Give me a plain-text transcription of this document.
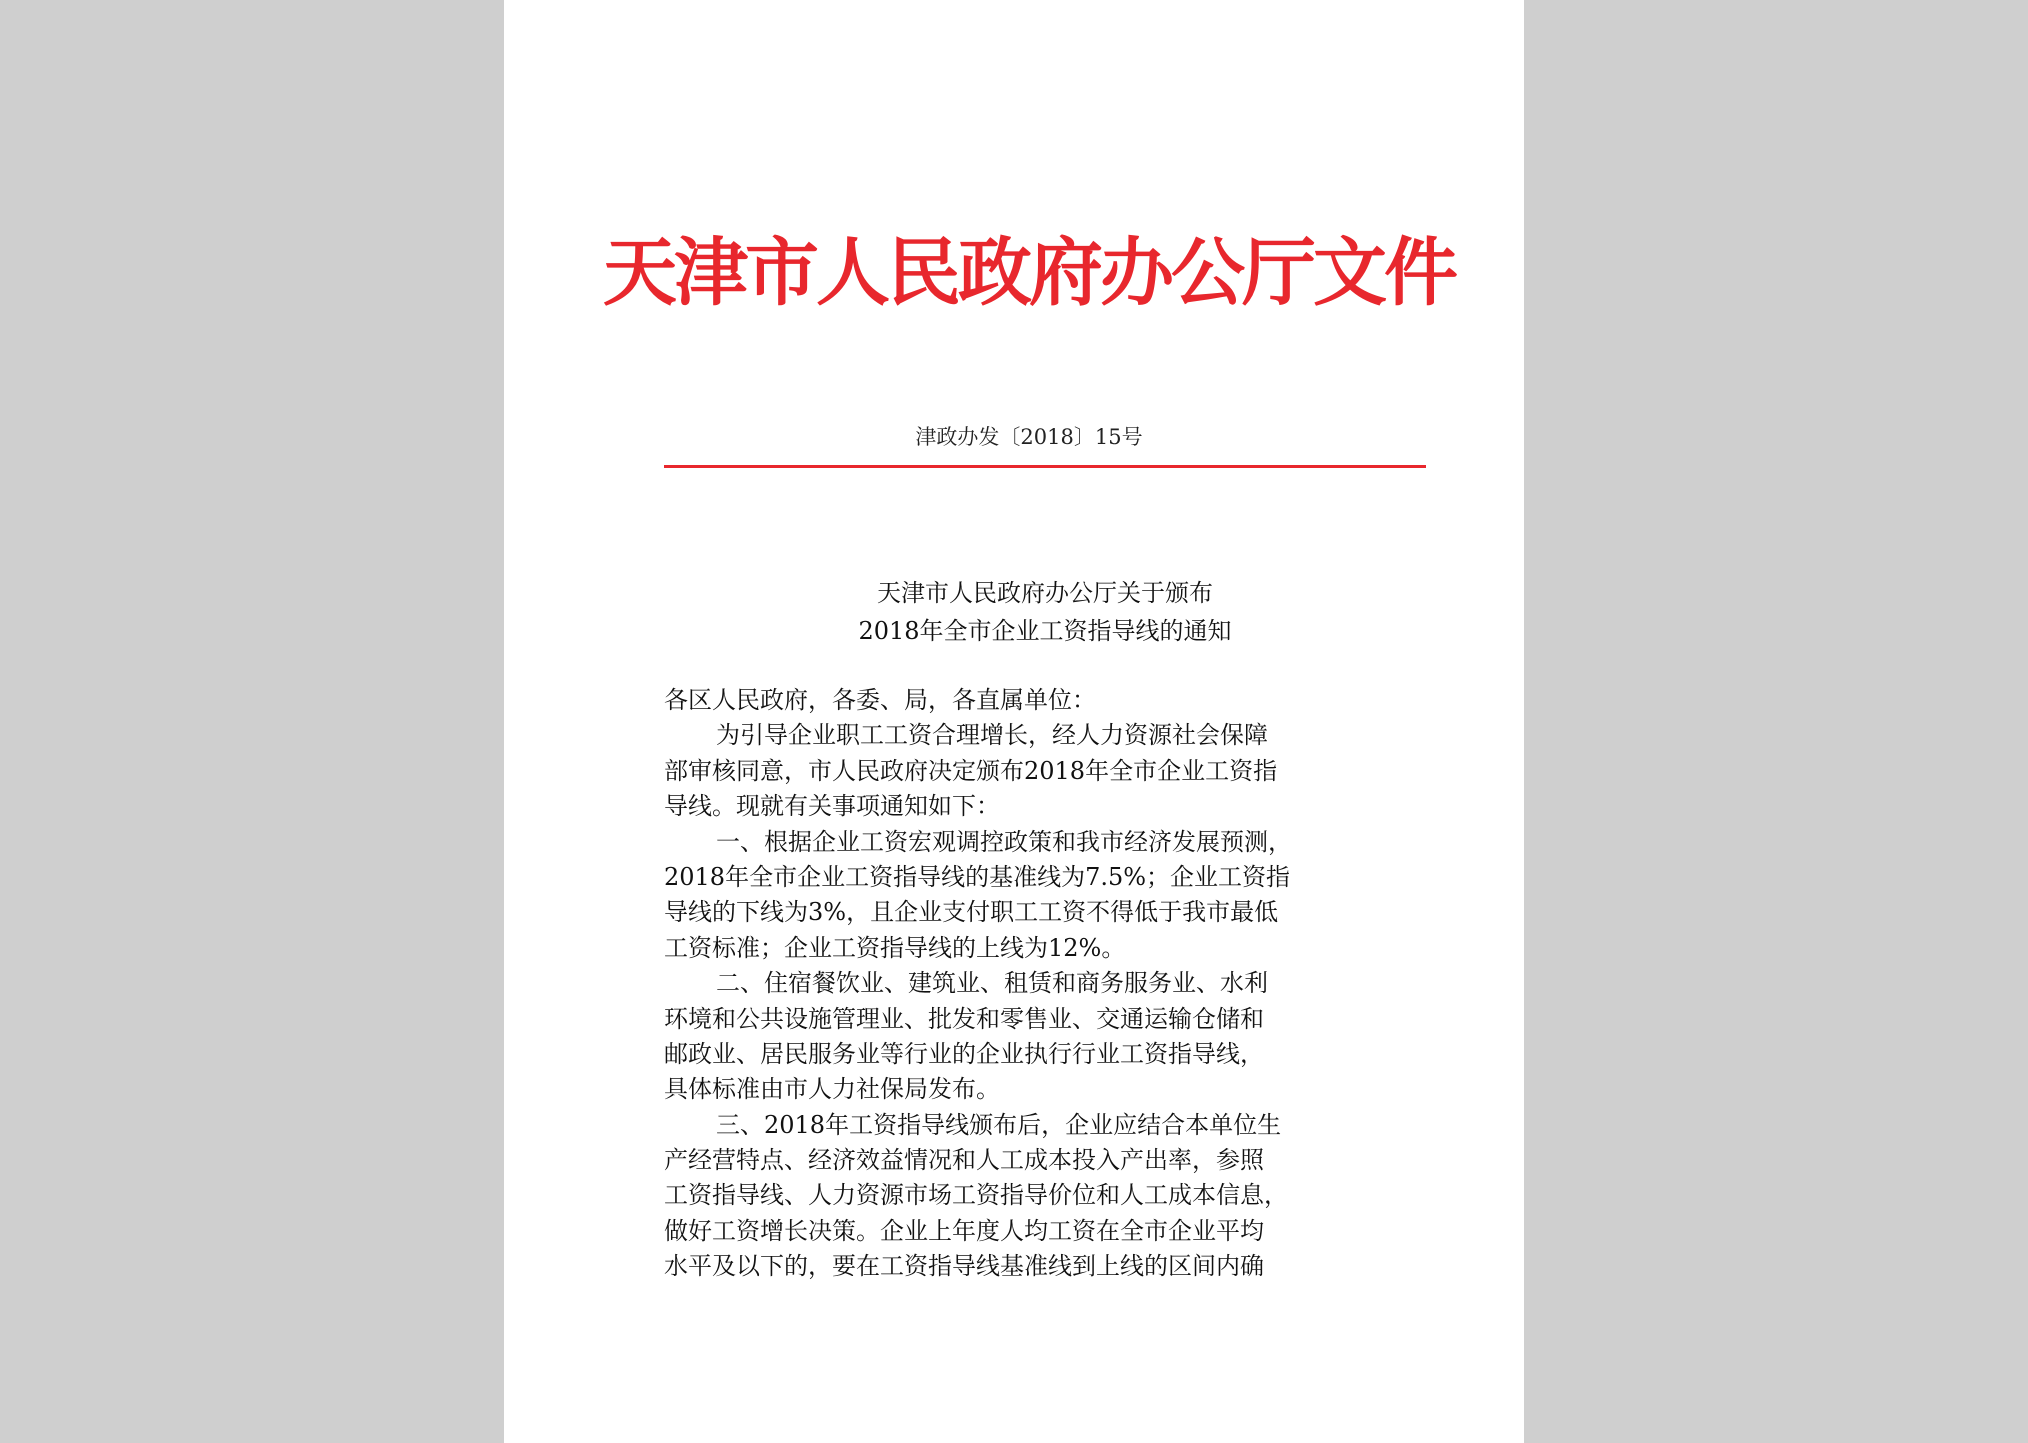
天津市人民政府办公厅文件
津政办发〔2018〕15号
天津市人民政府办公厅关于颁布
2018年全市企业工资指导线的通知
各区人民政府，各委、局，各直属单位：
为引导企业职工工资合理增长，经人力资源社会保障
部审核同意，市人民政府决定颁布2018年全市企业工资指
导线。现就有关事项通知如下：
一、根据企业工资宏观调控政策和我市经济发展预测，
2018年全市企业工资指导线的基准线为7.5%；企业工资指
导线的下线为3%，且企业支付职工工资不得低于我市最低
工资标准；企业工资指导线的上线为12%。
二、住宿餐饮业、建筑业、租赁和商务服务业、水利
环境和公共设施管理业、批发和零售业、交通运输仓储和
邮政业、居民服务业等行业的企业执行行业工资指导线，
具体标准由市人力社保局发布。
三、2018年工资指导线颁布后，企业应结合本单位生
产经营特点、经济效益情况和人工成本投入产出率，参照
工资指导线、人力资源市场工资指导价位和人工成本信息，
做好工资增长决策。企业上年度人均工资在全市企业平均
水平及以下的，要在工资指导线基准线到上线的区间内确
